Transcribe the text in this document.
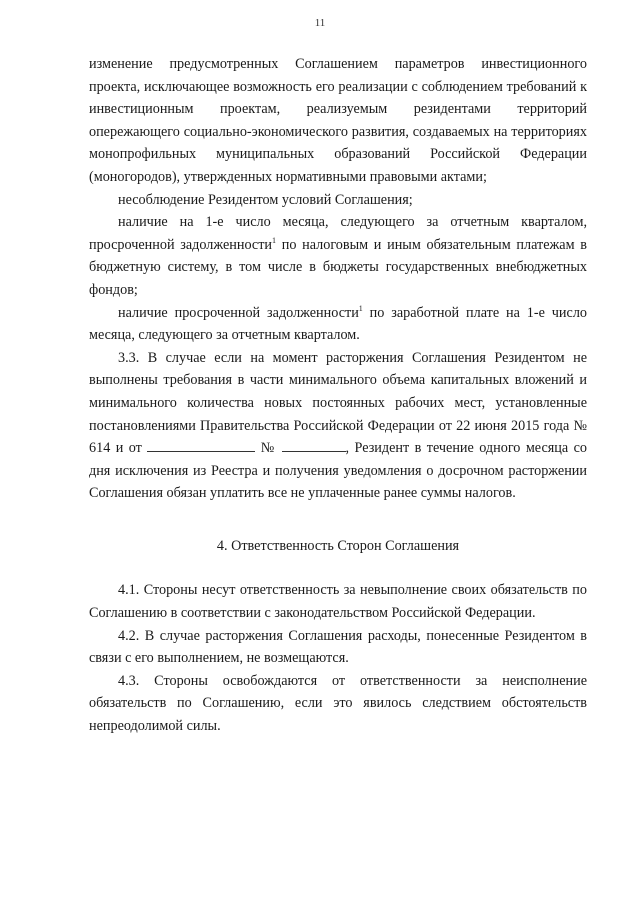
11

изменение предусмотренных Соглашением параметров инвестиционного проекта, исключающее возможность его реализации с соблюдением требований к инвестиционным проектам, реализуемым резидентами территорий опережающего социально-экономического развития, создаваемых на территориях монопрофильных муниципальных образований Российской Федерации (моногородов), утвержденных нормативными правовыми актами;

несоблюдение Резидентом условий Соглашения;

наличие на 1-е число месяца, следующего за отчетным кварталом, просроченной задолженности$^1$ по налоговым и иным обязательным платежам в бюджетную систему, в том числе в бюджеты государственных внебюджетных фондов;

наличие просроченной задолженности$^1$ по заработной плате на 1-е число месяца, следующего за отчетным кварталом.

3.3. В случае если на момент расторжения Соглашения Резидентом не выполнены требования в части минимального объема капитальных вложений и минимального количества новых постоянных рабочих мест, установленные постановлениями Правительства Российской Федерации от 22 июня 2015 года № 614 и от	№	, Резидент в течение одного месяца со дня исключения из Реестра и получения уведомления о досрочном расторжении Соглашения обязан уплатить все не уплаченные ранее суммы налогов.

4. Ответственность Сторон Соглашения

4.1. Стороны несут ответственность за невыполнение своих обязательств по Соглашению в соответствии с законодательством Российской Федерации.

4.2. В случае расторжения Соглашения расходы, понесенные Резидентом в связи с его выполнением, не возмещаются.

4.3. Стороны освобождаются от ответственности за неисполнение обязательств по Соглашению, если это явилось следствием обстоятельств непреодолимой силы.
